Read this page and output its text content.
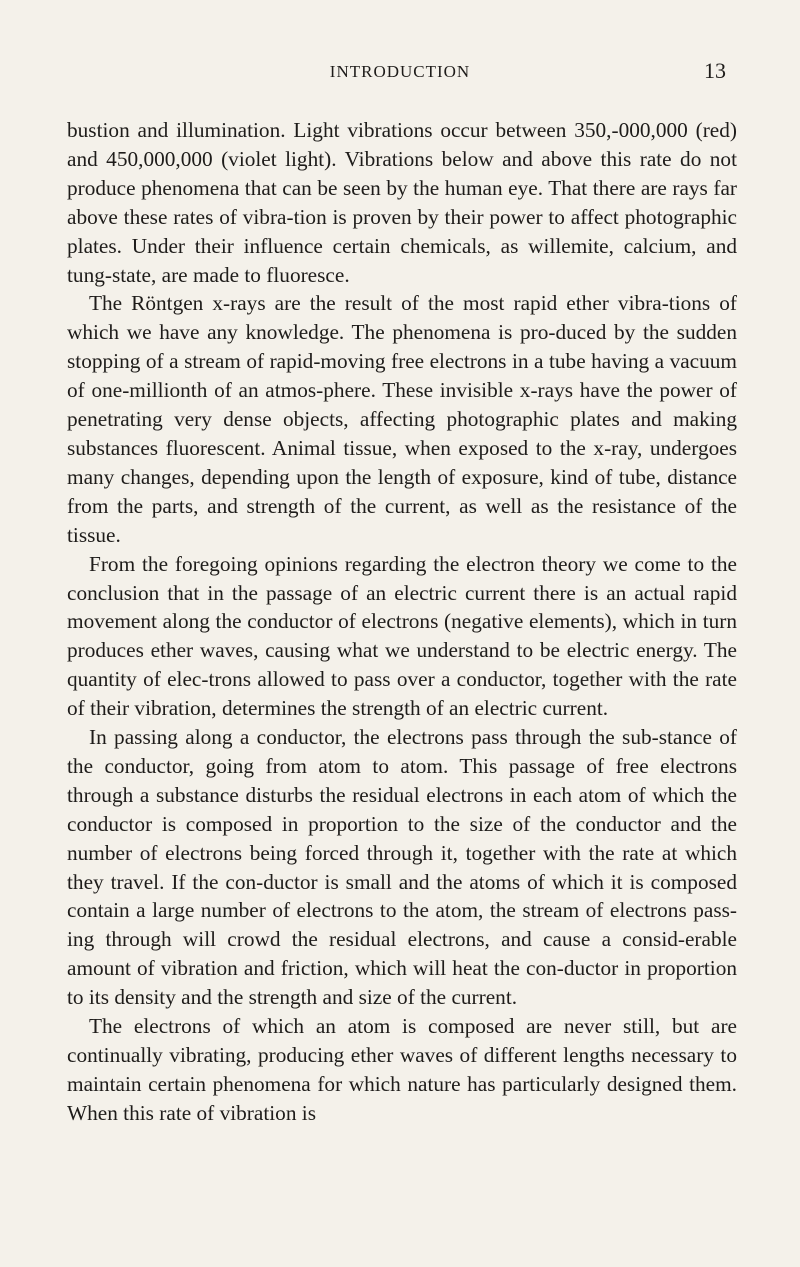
INTRODUCTION	13

bustion and illumination. Light vibrations occur between 350,-000,000 (red) and 450,000,000 (violet light). Vibrations below and above this rate do not produce phenomena that can be seen by the human eye. That there are rays far above these rates of vibra-tion is proven by their power to affect photographic plates. Under their influence certain chemicals, as willemite, calcium, and tung-state, are made to fluoresce.

The Röntgen x-rays are the result of the most rapid ether vibra-tions of which we have any knowledge. The phenomena is pro-duced by the sudden stopping of a stream of rapid-moving free electrons in a tube having a vacuum of one-millionth of an atmos-phere. These invisible x-rays have the power of penetrating very dense objects, affecting photographic plates and making substances fluorescent. Animal tissue, when exposed to the x-ray, undergoes many changes, depending upon the length of exposure, kind of tube, distance from the parts, and strength of the current, as well as the resistance of the tissue.

From the foregoing opinions regarding the electron theory we come to the conclusion that in the passage of an electric current there is an actual rapid movement along the conductor of electrons (negative elements), which in turn produces ether waves, causing what we understand to be electric energy. The quantity of elec-trons allowed to pass over a conductor, together with the rate of their vibration, determines the strength of an electric current.

In passing along a conductor, the electrons pass through the sub-stance of the conductor, going from atom to atom. This passage of free electrons through a substance disturbs the residual electrons in each atom of which the conductor is composed in proportion to the size of the conductor and the number of electrons being forced through it, together with the rate at which they travel. If the con-ductor is small and the atoms of which it is composed contain a large number of electrons to the atom, the stream of electrons pass-ing through will crowd the residual electrons, and cause a consid-erable amount of vibration and friction, which will heat the con-ductor in proportion to its density and the strength and size of the current.

The electrons of which an atom is composed are never still, but are continually vibrating, producing ether waves of different lengths necessary to maintain certain phenomena for which nature has particularly designed them. When this rate of vibration is
